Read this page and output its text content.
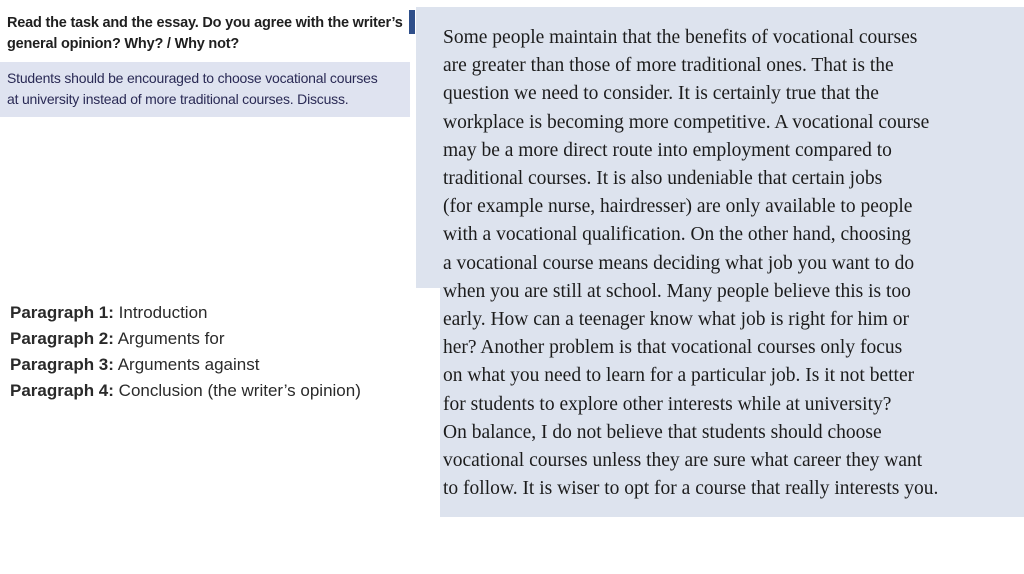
Read the task and the essay. Do you agree with the writer’s
general opinion? Why? / Why not?
Students should be encouraged to choose vocational courses
at university instead of more traditional courses. Discuss.
Paragraph 1: Introduction
Paragraph 2: Arguments for
Paragraph 3: Arguments against
Paragraph 4: Conclusion (the writer’s opinion)
Some people maintain that the benefits of vocational courses
are greater than those of more traditional ones. That is the
question we need to consider. It is certainly true that the
workplace is becoming more competitive. A vocational course
may be a more direct route into employment compared to
traditional courses. It is also undeniable that certain jobs
(for example nurse, hairdresser) are only available to people
with a vocational qualification. On the other hand, choosing
a vocational course means deciding what job you want to do
when you are still at school. Many people believe this is too
early. How can a teenager know what job is right for him or
her? Another problem is that vocational courses only focus
on what you need to learn for a particular job. Is it not better
for students to explore other interests while at university?
On balance, I do not believe that students should choose
vocational courses unless they are sure what career they want
to follow. It is wiser to opt for a course that really interests you.
